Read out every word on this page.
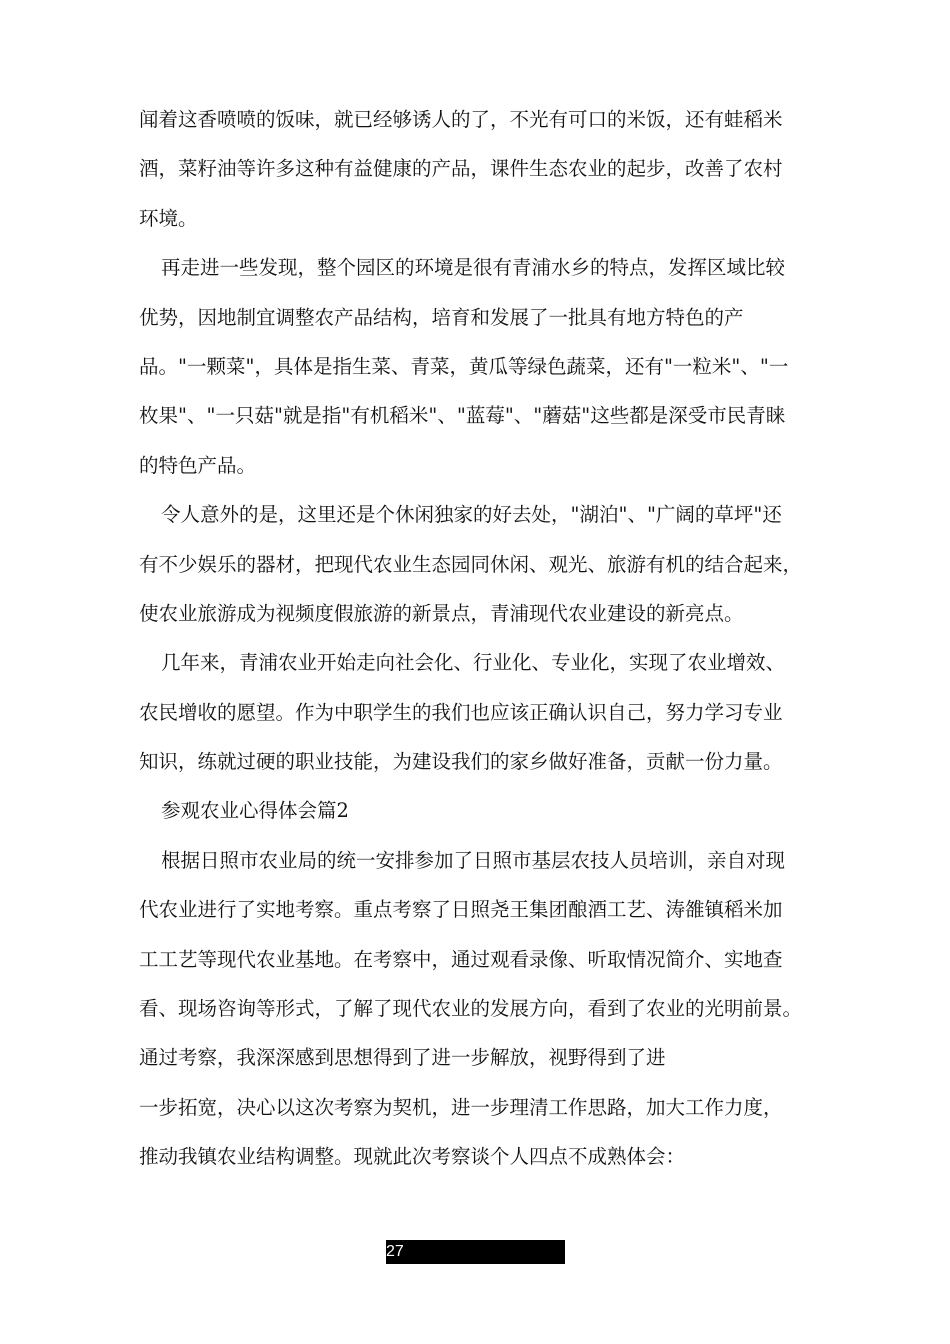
闻着这香喷喷的饭味，就已经够诱人的了，不光有可口的米饭，还有蛙稻米

酒，菜籽油等许多这种有益健康的产品，课件生态农业的起步，改善了农村

环境。

再走进一些发现，整个园区的环境是很有青浦水乡的特点，发挥区域比较

优势，因地制宜调整农产品结构，培育和发展了一批具有地方特色的产

品。"一颗菜"，具体是指生菜、青菜，黄瓜等绿色蔬菜，还有"一粒米"、"一

枚果"、"一只菇"就是指"有机稻米"、"蓝莓"、"蘑菇"这些都是深受市民青睐

的特色产品。

令人意外的是，这里还是个休闲独家的好去处，"湖泊"、"广阔的草坪"还

有不少娱乐的器材，把现代农业生态园同休闲、观光、旅游有机的结合起来，

使农业旅游成为视频度假旅游的新景点，青浦现代农业建设的新亮点。

几年来，青浦农业开始走向社会化、行业化、专业化，实现了农业增效、

农民增收的愿望。作为中职学生的我们也应该正确认识自己，努力学习专业

知识，练就过硬的职业技能，为建设我们的家乡做好准备，贡献一份力量。

参观农业心得体会篇2

根据日照市农业局的统一安排参加了日照市基层农技人员培训，亲自对现

代农业进行了实地考察。重点考察了日照尧王集团酿酒工艺、涛雒镇稻米加

工工艺等现代农业基地。在考察中，通过观看录像、听取情况简介、实地查

看、现场咨询等形式，了解了现代农业的发展方向，看到了农业的光明前景。

通过考察，我深深感到思想得到了进一步解放，视野得到了进

一步拓宽，决心以这次考察为契机，进一步理清工作思路，加大工作力度，

推动我镇农业结构调整。现就此次考察谈个人四点不成熟体会：

27
